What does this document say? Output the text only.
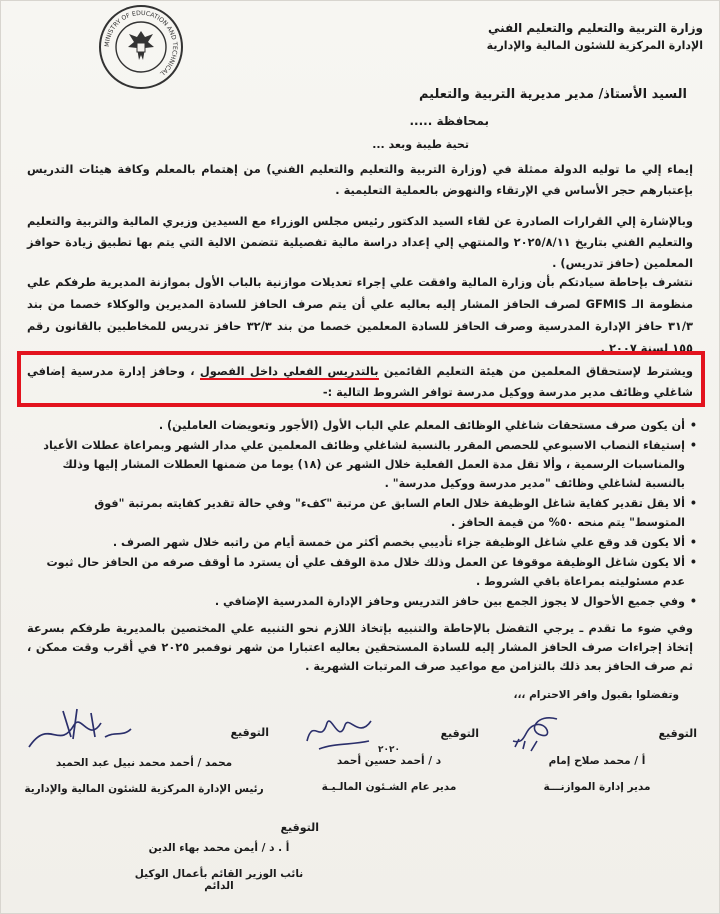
وزارة التربية والتعليم والتعليم الفني
الإدارة المركزية للشئون المالية والإدارية
MINISTRY OF EDUCATION AND TECHNICAL
السيد الأستاذ/ مدير مديرية التربية والتعليم
بمحافظة .....
تحية طيبة وبعد ...
إيماء إلي ما توليه الدولة ممثلة في (وزارة التربية والتعليم والتعليم الفني) من إهتمام بالمعلم وكافة هيئات التدريس بإعتبارهم حجر الأساس في الإرتقاء والنهوض بالعملية التعليمية .
وبالإشارة إلي القرارات الصادرة عن لقاء السيد الدكتور رئيس مجلس الوزراء مع السيدين وزيري المالية والتربية والتعليم والتعليم الفني بتاريخ ٢٠٢٥/٨/١١ والمنتهي إلي إعداد دراسة مالية تفصيلية تتضمن الالية التي يتم بها تطبيق زيادة حوافز المعلمين (حافز تدريس) .
نتشرف بإحاطة سيادتكم بأن وزارة المالية وافقت علي إجراء تعديلات موازنية بالباب الأول بموازنة المديرية طرفكم علي منظومة الـ GFMIS لصرف الحافز المشار إليه بعاليه علي أن يتم صرف الحافز للسادة المديرين والوكلاء خصما من بند ٣١/٣ حافز الإدارة المدرسية وصرف الحافز للسادة المعلمين خصما من بند ٣٢/٣ حافز تدريس للمخاطبين بالقانون رقم ١٥٥ لسنة ٢٠٠٧ .
ويشترط لإستحقاق المعلمين من هيئة التعليم القائمين بالتدريس الفعلي داخل الفصول ، وحافز إدارة مدرسية إضافي شاغلي وظائف مدير مدرسة ووكيل مدرسة توافر الشروط التالية :-
• أن يكون صرف مستحقات شاغلي الوظائف المعلم علي الباب الأول (الأجور وتعويضات العاملين) .
• إستيفاء النصاب الاسبوعي للحصص المقرر بالنسبة لشاغلي وظائف المعلمين علي مدار الشهر وبمراعاة عطلات الأعياد والمناسبات الرسمية ، وألا تقل مدة العمل الفعلية خلال الشهر عن (١٨) يوما من ضمنها العطلات المشار إليها وذلك بالنسبة لشاغلي وظائف "مدير مدرسة ووكيل مدرسة" .
• ألا يقل تقدير كفاية شاغل الوظيفة خلال العام السابق عن مرتبة "كفء" وفي حالة تقدير كفايته بمرتبة "فوق المتوسط" يتم منحه ٥٠% من قيمة الحافز .
• ألا يكون قد وقع علي شاغل الوظيفة جزاء تأديبي بخصم أكثر من خمسة أيام من راتبه خلال شهر الصرف .
• ألا يكون شاغل الوظيفة موقوفا عن العمل وذلك خلال مدة الوقف علي أن يسترد ما أوقف صرفه من الحافز حال ثبوت عدم مسئوليته بمراعاة باقي الشروط .
• وفي جميع الأحوال لا يجوز الجمع بين حافز التدريس وحافز الإدارة المدرسية الإضافي .
وفي ضوء ما تقدم ـ يرجي التفضل بالإحاطة والتنبيه بإتخاذ اللازم نحو التنبيه علي المختصين بالمديرية طرفكم بسرعة إتخاذ إجراءات صرف الحافز المشار إليه للسادة المستحقين بعاليه اعتبارا من شهر نوفمبر ٢٠٢٥ في أقرب وقت ممكن ، ثم صرف الحافز بعد ذلك بالتزامن مع مواعيد صرف المرتبات الشهرية .
وتفضلوا بقبول وافر الاحترام ،،،
التوقيع
أ / محمد صلاح إمام
مدير إدارة الموازنـــة
التوقيع
٢٠٢٠
د / أحمد حسين أحمد
مدير عام الشـئون المالـيـة
التوقيع
محمد / أحمد محمد نبيل عبد الحميد
رئيس الإدارة المركزية للشئون المالية والإدارية
التوقيع
أ . د / أيمن محمد بهاء الدين
نائب الوزير القائم بأعمال الوكيل الدائم
